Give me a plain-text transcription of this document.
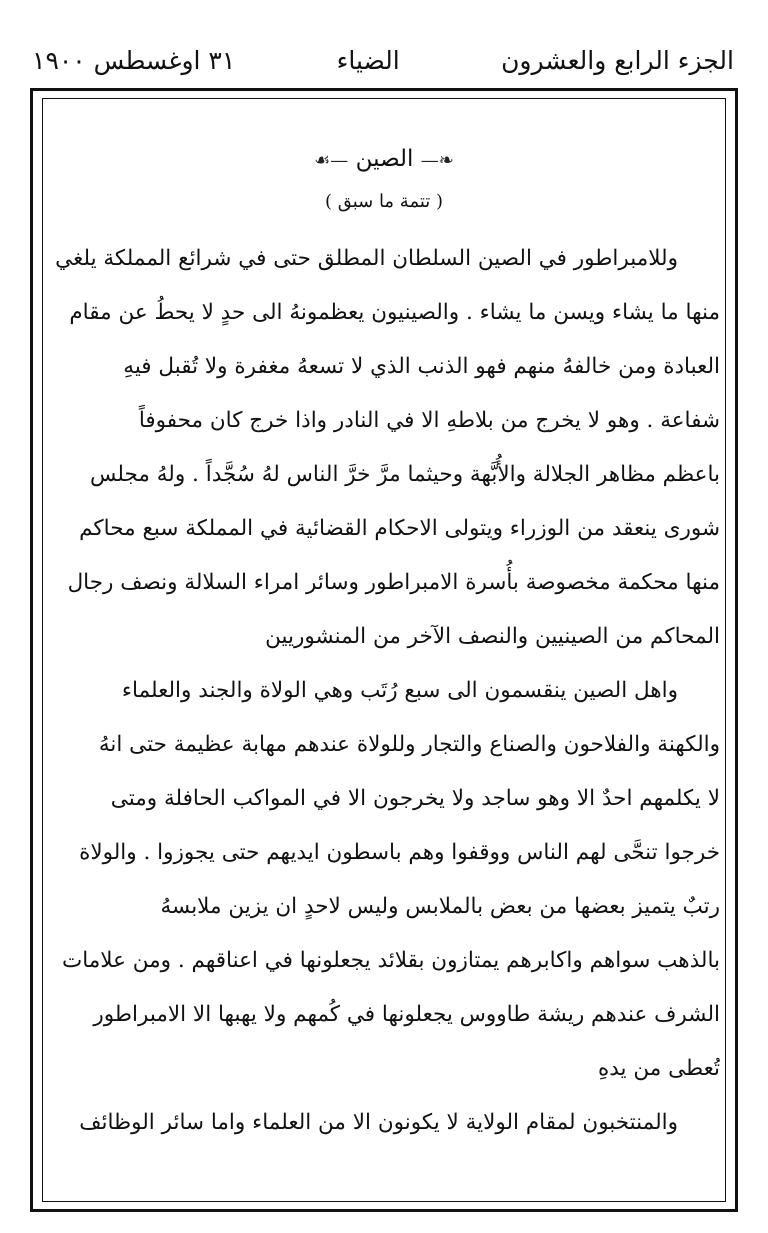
الجزء الرابع والعشرون
الضياء
٣١ اوغسطس ١٩٠٠
❧— الصين —☙
( تتمة ما سبق )
وللامبراطور في الصين السلطان المطلق حتى في شرائع المملكة يلغي
منها ما يشاء ويسن ما يشاء . والصينيون يعظمونهُ الى حدٍ لا يحطُ عن مقام
العبادة ومن خالفهُ منهم فهو الذنب الذي لا تسعهُ مغفرة ولا تُقبل فيهِ
شفاعة . وهو لا يخرج من بلاطهِ الا في النادر واذا خرج كان محفوفاً
باعظم مظاهر الجلالة والأُبَّهة وحيثما مرَّ خرَّ الناس لهُ سُجَّداً . ولهُ مجلس
شورى ينعقد من الوزراء ويتولى الاحكام القضائية في المملكة سبع محاكم
منها محكمة مخصوصة بأُسرة الامبراطور وسائر امراء السلالة ونصف رجال
المحاكم من الصينيين والنصف الآخر من المنشوريين
واهل الصين ينقسمون الى سبع رُتَب وهي الولاة والجند والعلماء
والكهنة والفلاحون والصناع والتجار وللولاة عندهم مهابة عظيمة حتى انهُ
لا يكلمهم احدٌ الا وهو ساجد ولا يخرجون الا في المواكب الحافلة ومتى
خرجوا تنحَّى لهم الناس ووقفوا وهم باسطون ايديهم حتى يجوزوا . والولاة
رتبٌ يتميز بعضها من بعض بالملابس وليس لاحدٍ ان يزين ملابسهُ
بالذهب سواهم واكابرهم يمتازون بقلائد يجعلونها في اعناقهم . ومن علامات
الشرف عندهم ريشة طاووس يجعلونها في كُمهم ولا يهبها الا الامبراطور
تُعطى من يدهِ
والمنتخبون لمقام الولاية لا يكونون الا من العلماء واما سائر الوظائف
